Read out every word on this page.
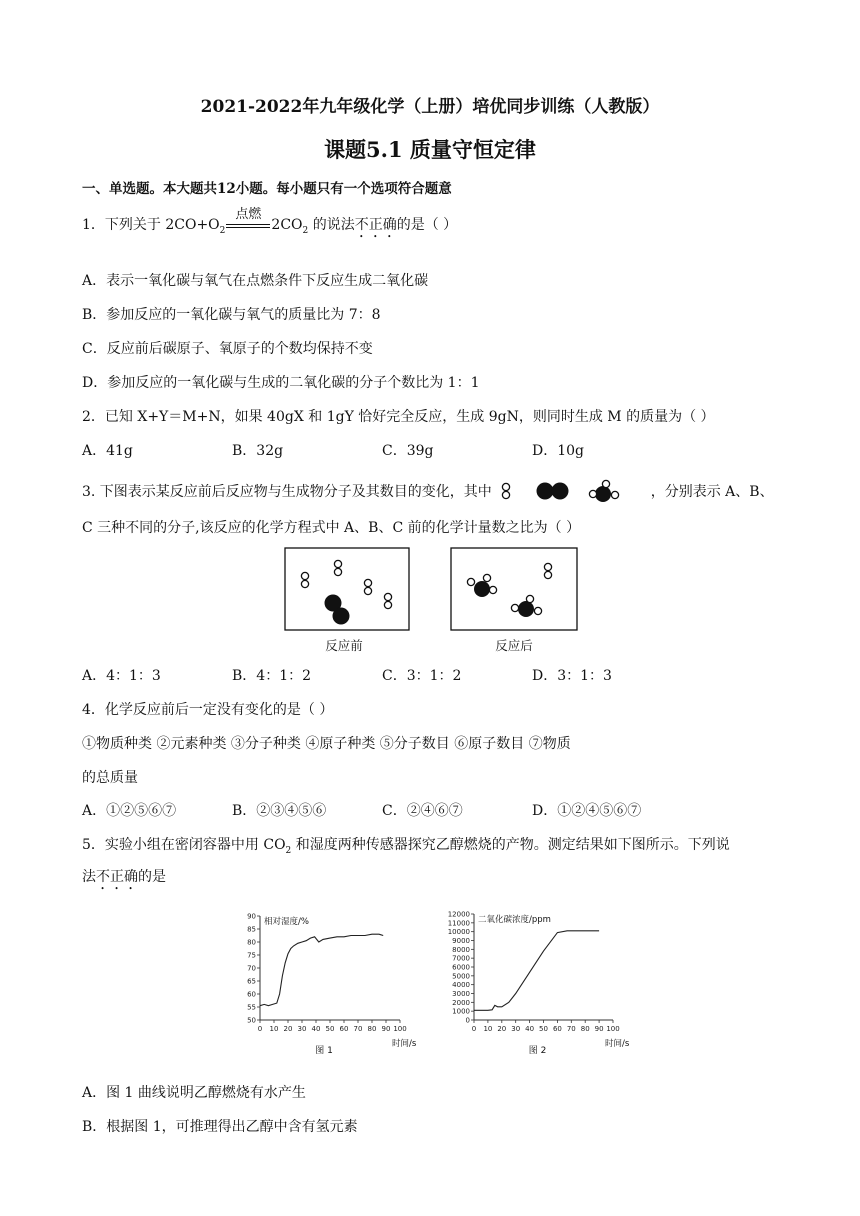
2021-2022年九年级化学（上册）培优同步训练（人教版）
课题5.1 质量守恒定律
一、单选题。本大题共12小题。每小题只有一个选项符合题意
1．下列关于 $2CO+O_2$
点燃
$2CO_2$ 的说法不正确的是（ ）
A．表示一氧化碳与氧气在点燃条件下反应生成二氧化碳
B．参加反应的一氧化碳与氧气的质量比为 7：8
C．反应前后碳原子、氧原子的个数均保持不变
D．参加反应的一氧化碳与生成的二氧化碳的分子个数比为 1：1
2．已知 X+Y＝M+N，如果 40gX 和 1gY 恰好完全反应，生成 9gN，则同时生成 M 的质量为（ ）
A．41g	B．32g	C．39g	D．10g
3. 下图表示某反应前后反应物与生成物分子及其数目的变化，其中	，分别表示 A、B、
C 三种不同的分子,该反应的化学方程式中 A、B、C 前的化学计量数之比为（ ）
反应前	反应后
A．4：1：3	B．4：1：2	C．3：1：2	D．3：1：3
4．化学反应前后一定没有变化的是（ ）
①物质种类 ②元素种类 ③分子种类 ④原子种类 ⑤分子数目 ⑥原子数目 ⑦物质
的总质量
A．①②⑤⑥⑦	B．②③④⑤⑥	C．②④⑥⑦	D．①②④⑤⑥⑦
5．实验小组在密闭容器中用 $CO_2$ 和湿度两种传感器探究乙醇燃烧的产物。测定结果如下图所示。下列说
法不正确的是
50
55
60
65
70
75
80
85
90
0 10 20 30 40 50 60 70 80 90 100
相对湿度/%
时间/s
图 1
0
1000
2000
3000
4000
5000
6000
7000
8000
9000
10000
11000
12000
0 10 20 30 40 50 60 70 80 90 100
二氧化碳浓度/ppm
时间/s
图 2
A．图 1 曲线说明乙醇燃烧有水产生
B．根据图 1，可推理得出乙醇中含有氢元素
